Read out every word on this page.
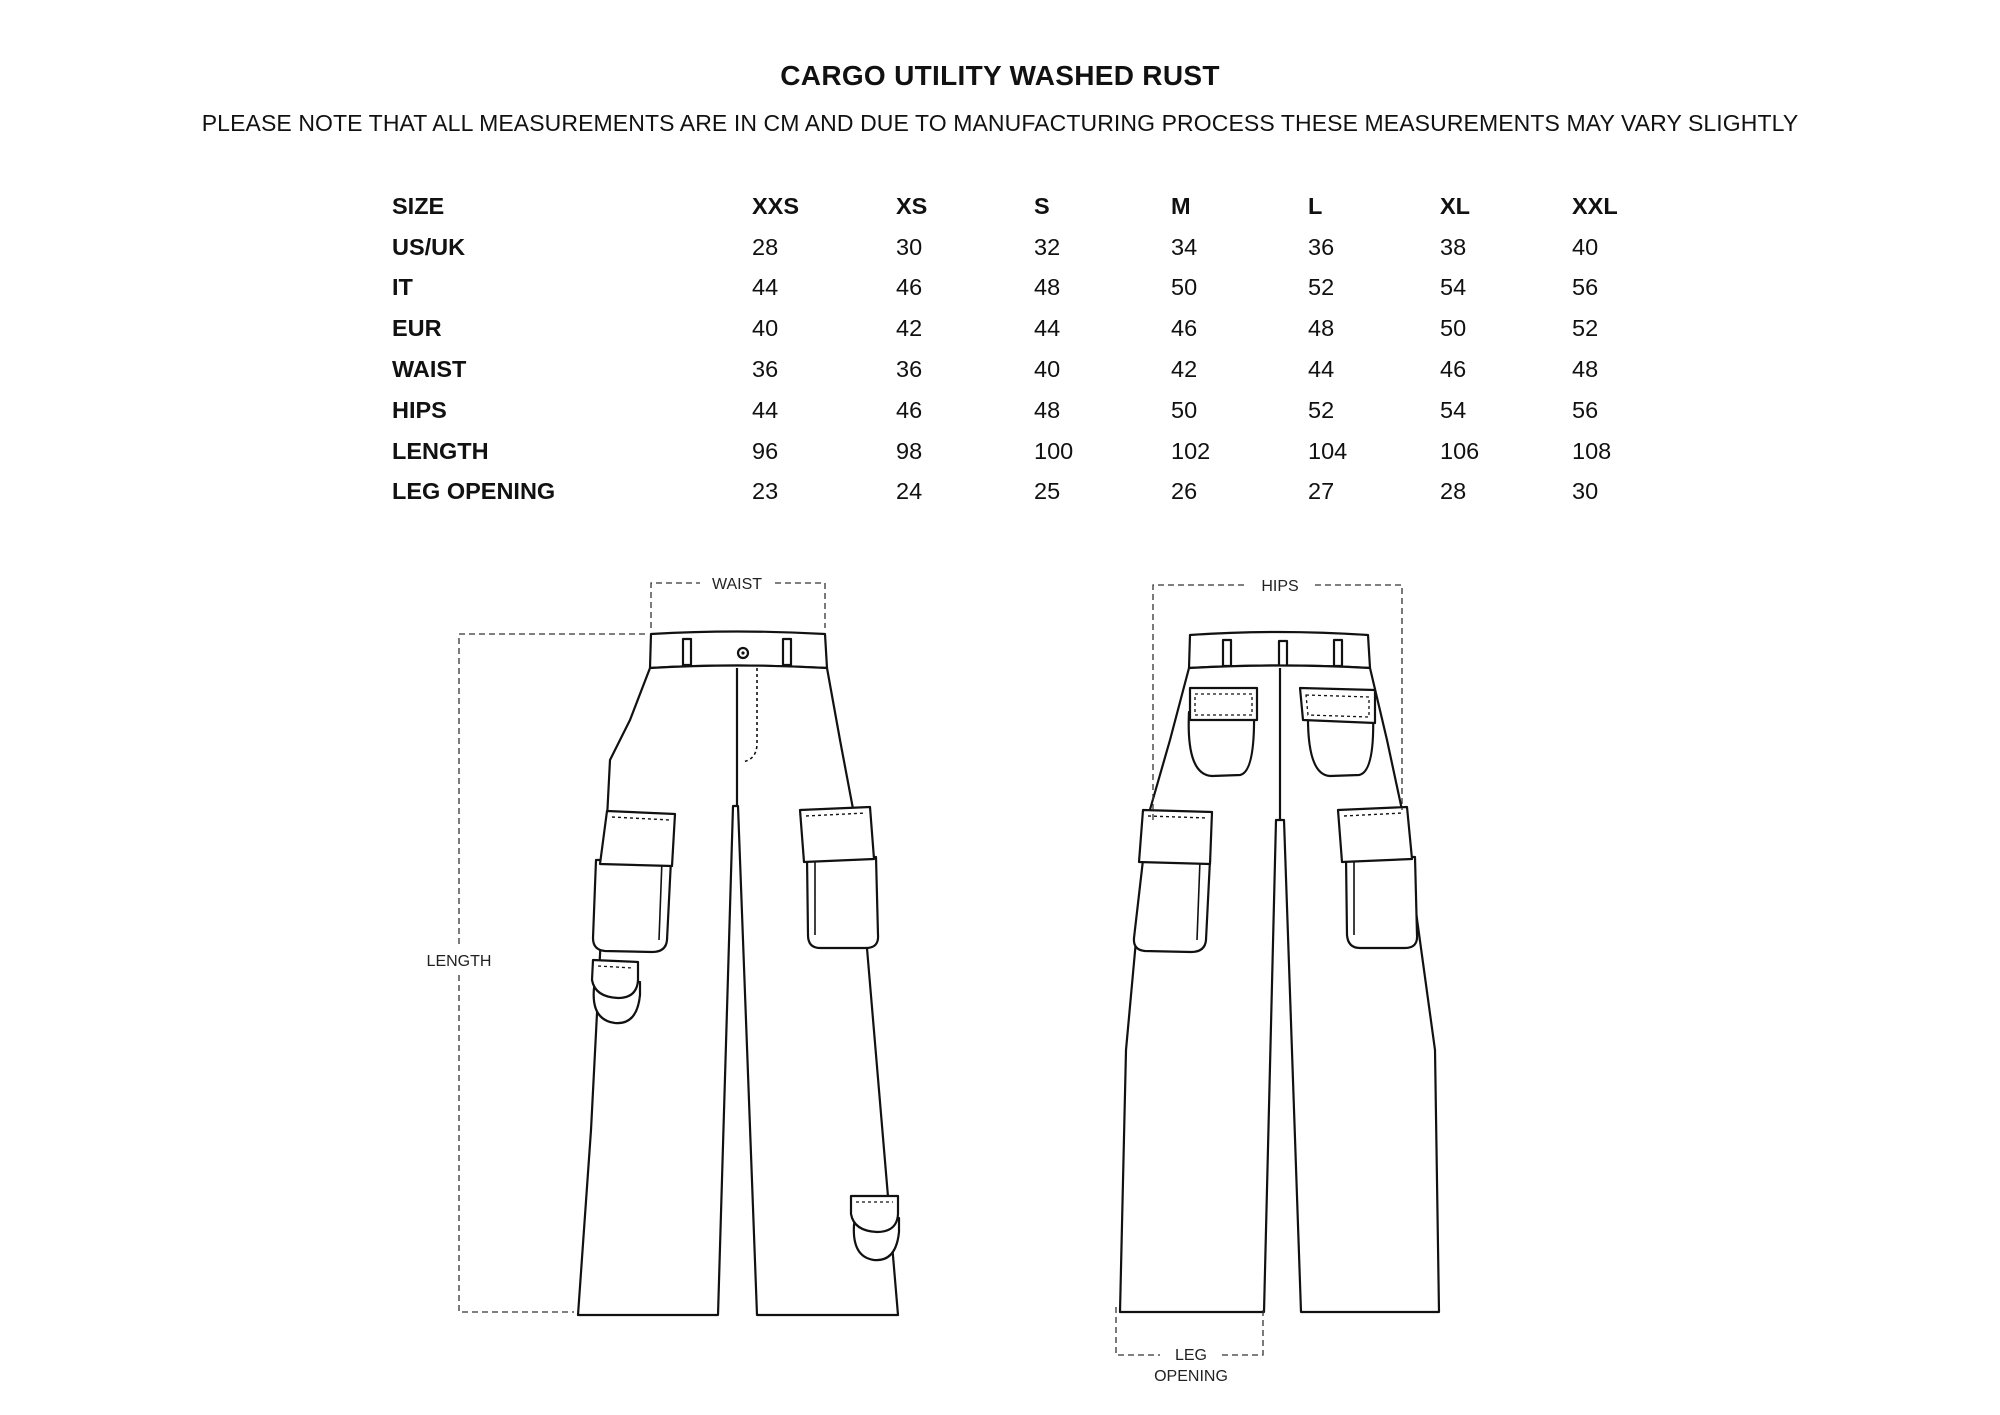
CARGO UTILITY WASHED RUST
PLEASE NOTE THAT ALL MEASUREMENTS ARE IN CM AND DUE TO MANUFACTURING PROCESS THESE MEASUREMENTS MAY VARY SLIGHTLY
SIZE	XXS	XS	S	M	L	XL	XXL
US/UK	28	30	32	34	36	38	40
IT	44	46	48	50	52	54	56
EUR	40	42	44	46	48	50	52
WAIST	36	36	40	42	44	46	48
HIPS	44	46	48	50	52	54	56
LENGTH	96	98	100	102	104	106	108
LEG OPENING	23	24	25	26	27	28	30
WAIST
LENGTH
HIPS
LEG
OPENING
